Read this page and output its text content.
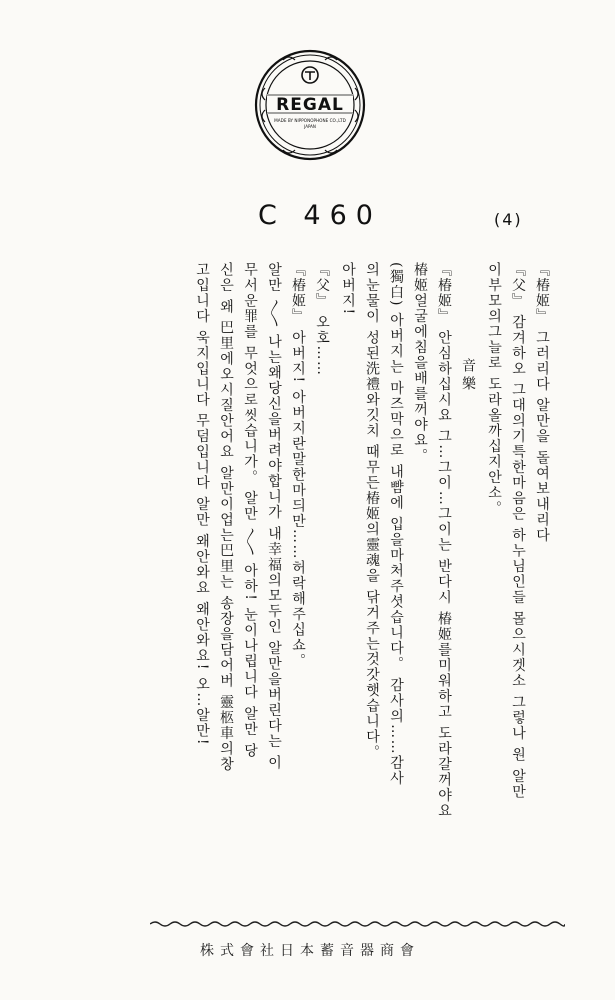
REGAL
MADE BY NIPPONOPHONE CO.,LTD
JAPAN
C 460	(4)
『椿姬』 그러리다 알만을 돌여보내리다
『父』 감겨하오 그대의기특한마음은 하누님인들 몰으시겟소 그렇나 원 알만
이부모의그늘로 도라올까십지안소。
音樂
『椿姬』 안심하십시요 그…그이…그이는 반다시 椿姬를미워하고 도라갈꺼야요
椿姬얼굴에침을배를꺼야요。
(獨白) 아버지는 마즈막으로 내뺨에 입을마처주셧습니다。 감사의……감사
의눈물이 성된洗禮와깃치 때무든椿姬의靈魂을 닦거주는것갓햇습니다。
아버지!
『父』 오호……
『椿姬』 아버지! 아버지란말한마듸만……허락해주십쇼。
알만 〳〵 나는왜당신을버려야합니가 내幸福의모두인 알만을버린다는 이
무서운罪를 무엇으로씻습니가。 알만 〳〵 아하! 눈이나립니다 알만 당
신은 왜 巴里에오시질안어요 알만이업는巴里는 송장을담어버 靈柩車의창
고입니다 욱지입니다 무덤입니다 알만 왜안와요 왜안와요! 오…알만!
株式會社日本蓄音器商會
